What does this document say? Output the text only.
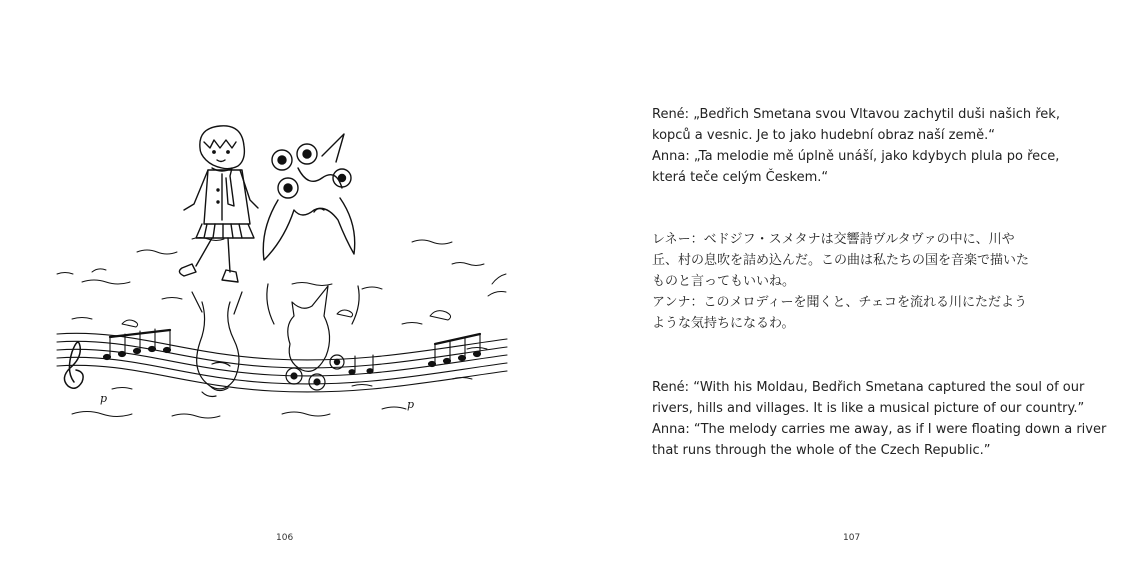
p	p
106

René: „Bedřich Smetana svou Vltavou zachytil duši našich řek,

kopců a vesnic. Je to jako hudební obraz naší země.“

Anna: „Ta melodie mě úplně unáší, jako kdybych plula po řece,

která teče celým Českem.“

レネー：ベドジフ・スメタナは交響詩ヴルタヴァの中に、川や

丘、村の息吹を詰め込んだ。この曲は私たちの国を音楽で描いた

ものと言ってもいいね。

アンナ：このメロディーを聞くと、チェコを流れる川にただよう

ような気持ちになるわ。

René: “With his Moldau, Bedřich Smetana captured the soul of our

rivers, hills and villages. It is like a musical picture of our country.”

Anna: “The melody carries me away, as if I were floating down a river

that runs through the whole of the Czech Republic.”

107
